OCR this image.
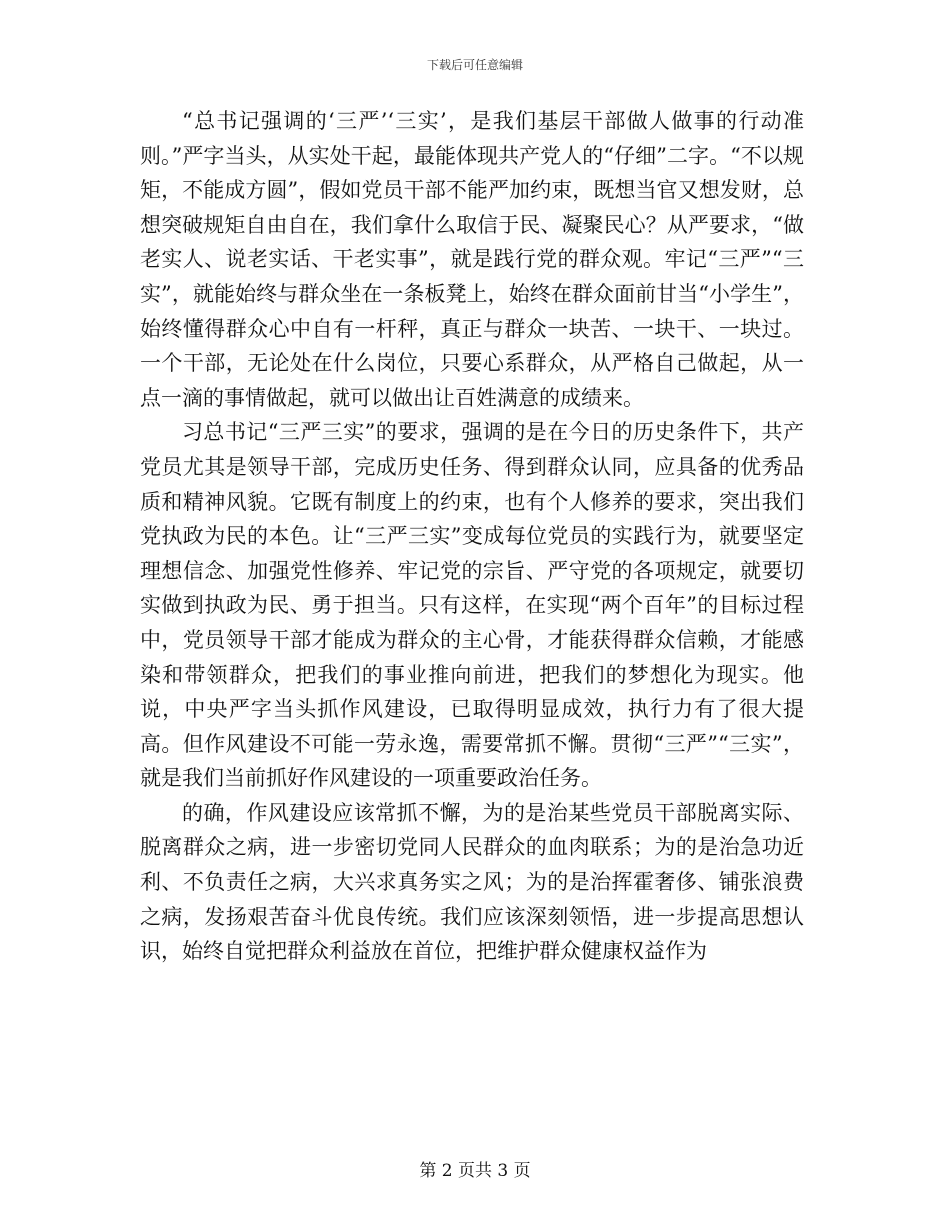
下载后可任意编辑

“总书记强调的‘三严’‘三实’，是我们基层干部做人做事的行动准则。”严字当头，从实处干起，最能体现共产党人的“仔细”二字。“不以规矩，不能成方圆”，假如党员干部不能严加约束，既想当官又想发财，总想突破规矩自由自在，我们拿什么取信于民、凝聚民心？从严要求，“做老实人、说老实话、干老实事”，就是践行党的群众观。牢记“三严”“三实”，就能始终与群众坐在一条板凳上，始终在群众面前甘当“小学生”，始终懂得群众心中自有一杆秤，真正与群众一块苦、一块干、一块过。一个干部，无论处在什么岗位，只要心系群众，从严格自己做起，从一点一滴的事情做起，就可以做出让百姓满意的成绩来。

习总书记“三严三实”的要求，强调的是在今日的历史条件下，共产党员尤其是领导干部，完成历史任务、得到群众认同，应具备的优秀品质和精神风貌。它既有制度上的约束，也有个人修养的要求，突出我们党执政为民的本色。让“三严三实”变成每位党员的实践行为，就要坚定理想信念、加强党性修养、牢记党的宗旨、严守党的各项规定，就要切实做到执政为民、勇于担当。只有这样，在实现“两个百年”的目标过程中，党员领导干部才能成为群众的主心骨，才能获得群众信赖，才能感染和带领群众，把我们的事业推向前进，把我们的梦想化为现实。他说，中央严字当头抓作风建设，已取得明显成效，执行力有了很大提高。但作风建设不可能一劳永逸，需要常抓不懈。贯彻“三严”“三实”，就是我们当前抓好作风建设的一项重要政治任务。

的确，作风建设应该常抓不懈，为的是治某些党员干部脱离实际、脱离群众之病，进一步密切党同人民群众的血肉联系；为的是治急功近利、不负责任之病，大兴求真务实之风；为的是治挥霍奢侈、铺张浪费之病，发扬艰苦奋斗优良传统。我们应该深刻领悟，进一步提高思想认识，始终自觉把群众利益放在首位，把维护群众健康权益作为

第 2 页共 3 页
